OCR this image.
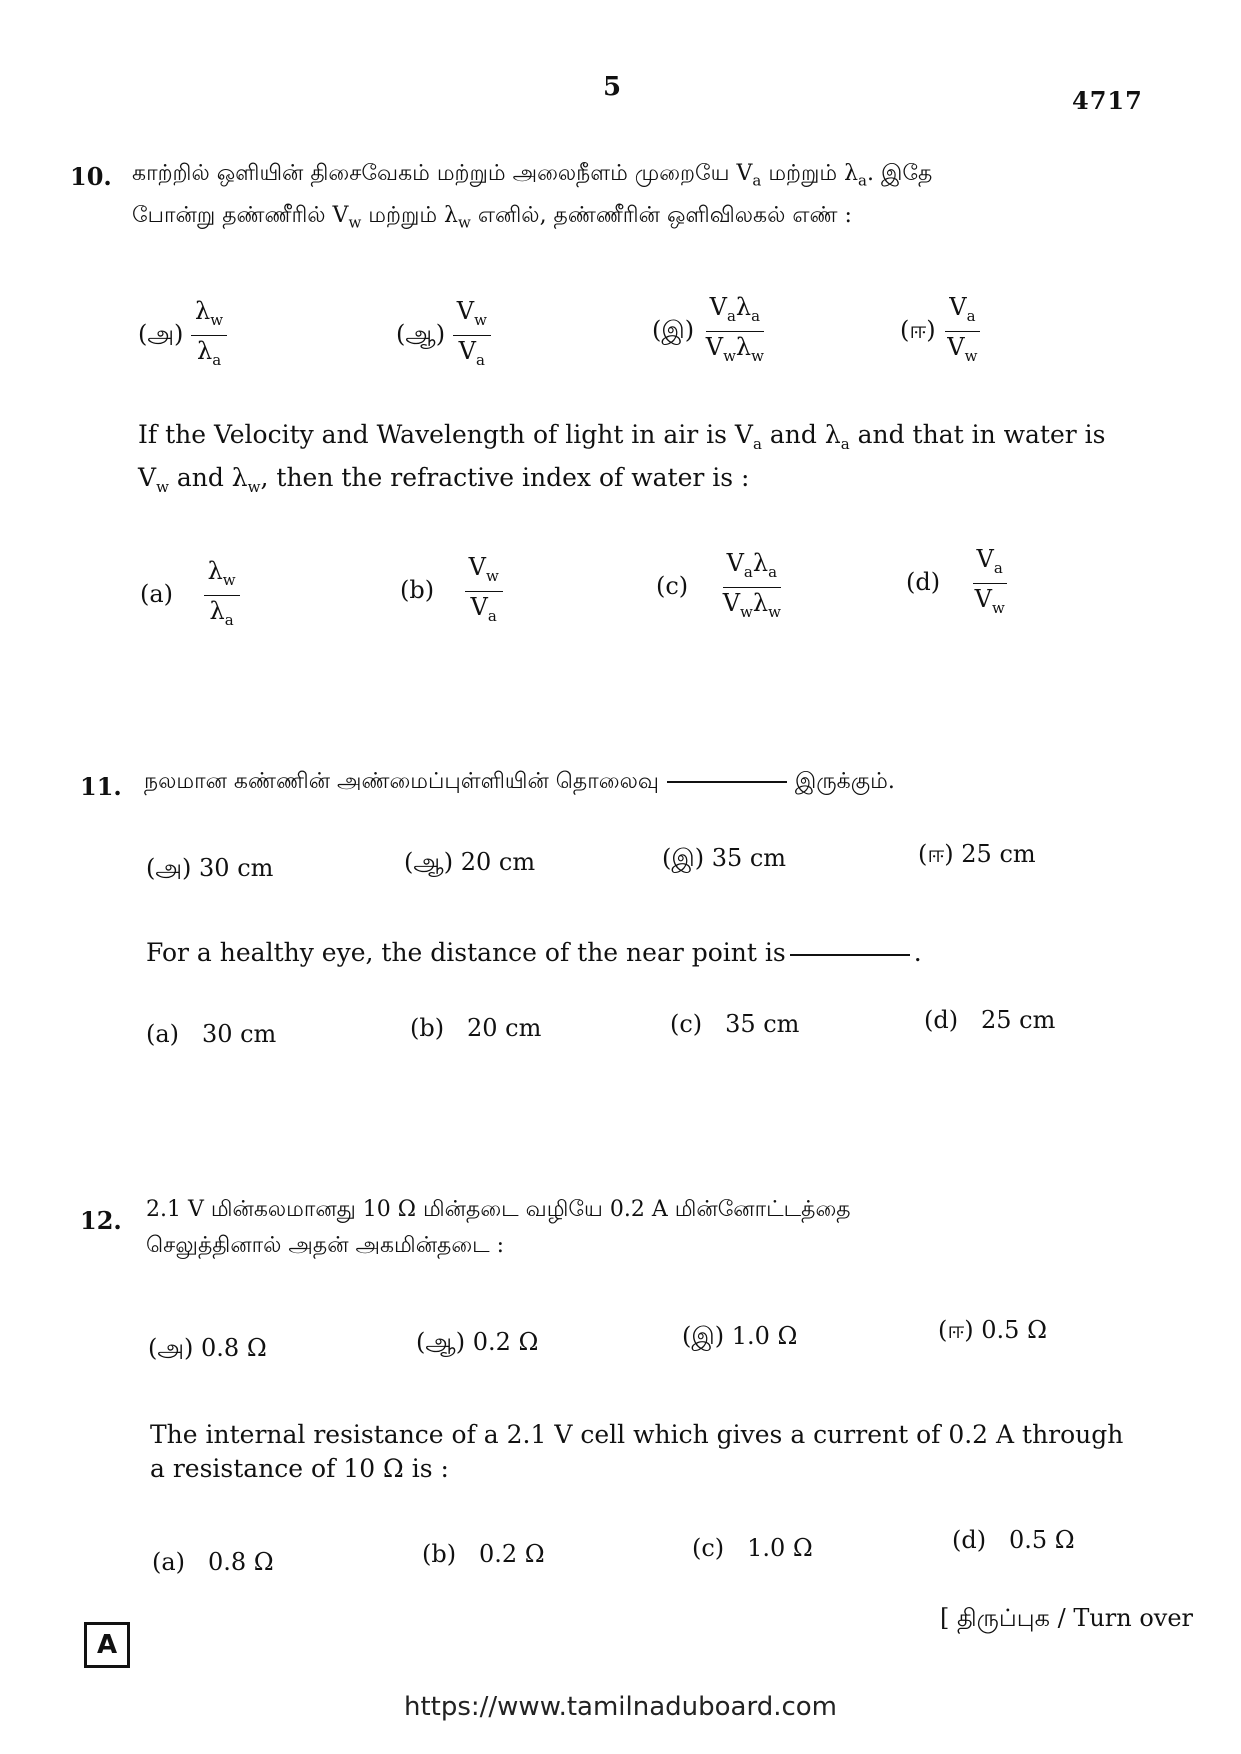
5	4717
10. காற்றில் ஒளியின் திசைவேகம் மற்றும் அலைநீளம் முறையே $V_a$ மற்றும் $\lambda_a$. இதே
போன்று தண்ணீரில் $V_w$ மற்றும் $\lambda_w$ எனில், தண்ணீரின் ஒளிவிலகல் எண் :
(அ) $\frac{\lambda_w}{\lambda_a}$	(ஆ) $\frac{V_w}{V_a}$	(இ) $\frac{V_a\lambda_a}{V_w\lambda_w}$	(ஈ) $\frac{V_a}{V_w}$
If the Velocity and Wavelength of light in air is $V_a$ and $\lambda_a$ and that in water is
$V_w$ and $\lambda_w$, then the refractive index of water is :
$(a) \frac{\lambda_w}{\lambda_a}$	$(b) \frac{V_w}{V_a}$	$(c) \frac{V_a\lambda_a}{V_w\lambda_w}$	$(d) \frac{V_a}{V_w}$
11. நலமான கண்ணின் அண்மைப்புள்ளியின் தொலைவு	இருக்கும்.
(அ) 30 cm	(ஆ) 20 cm	(இ) 35 cm	(ஈ) 25 cm
For a healthy eye, the distance of the near point is	.
(a) 30 cm	(b) 20 cm	(c) 35 cm	(d) 25 cm
12. 2.1 V மின்கலமானது 10 Ω மின்தடை வழியே 0.2 A மின்னோட்டத்தை
செலுத்தினால் அதன் அகமின்தடை :
(அ) 0.8 Ω	(ஆ) 0.2 Ω	(இ) 1.0 Ω	(ஈ) 0.5 Ω
The internal resistance of a 2.1 V cell which gives a current of 0.2 A through
a resistance of 10 Ω is :
(a) 0.8 Ω	(b) 0.2 Ω	(c) 1.0 Ω	(d) 0.5 Ω
A
[ திருப்புக / Turn over
https://www.tamilnaduboard.com
